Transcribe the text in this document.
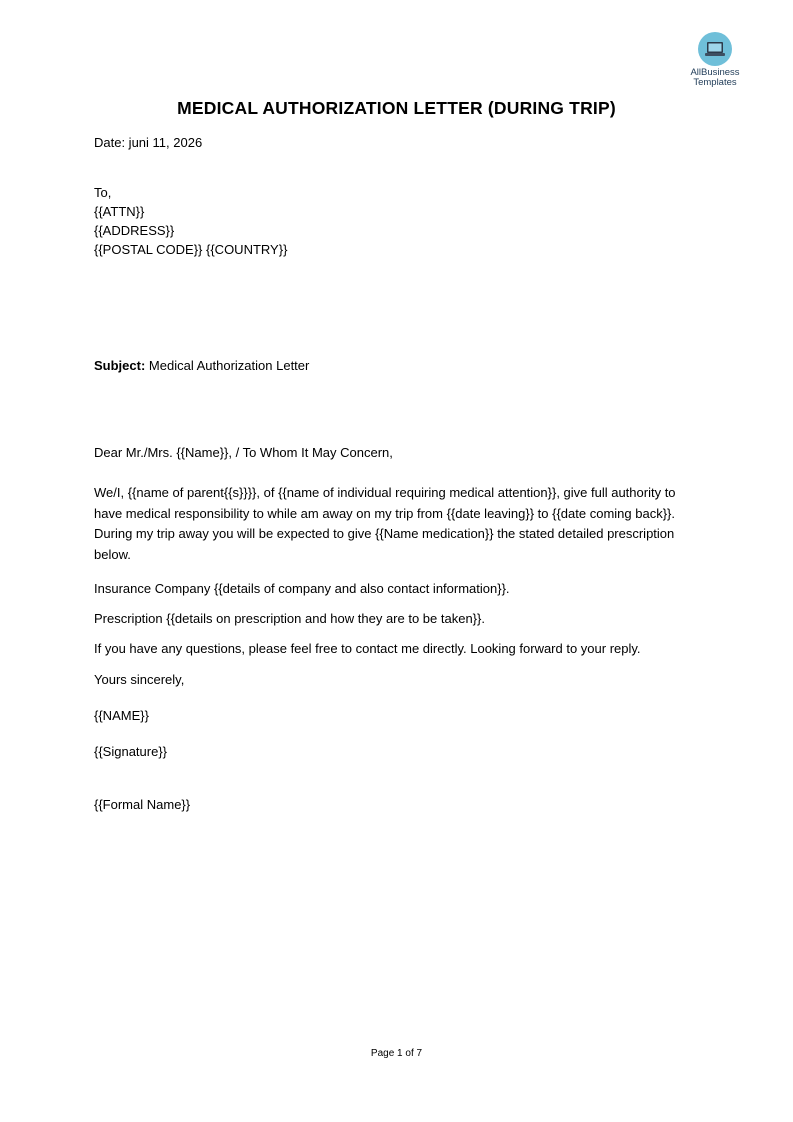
AllBusiness
Templates
MEDICAL AUTHORIZATION LETTER (DURING TRIP)
Date: juni 11, 2026
To,
{{ATTN}}
{{ADDRESS}}
{{POSTAL CODE}} {{COUNTRY}}
Subject: Medical Authorization Letter
Dear Mr./Mrs. {{Name}}, / To Whom It May Concern,
We/I, {{name of parent{{s}}}}, of {{name of individual requiring medical attention}}, give full authority to have medical responsibility to while am away on my trip from {{date leaving}} to {{date coming back}}. During my trip away you will be expected to give {{Name medication}} the stated detailed prescription below.
Insurance Company {{details of company and also contact information}}.
Prescription {{details on prescription and how they are to be taken}}.
If you have any questions, please feel free to contact me directly. Looking forward to your reply.
Yours sincerely,
{{NAME}}
{{Signature}}
{{Formal Name}}
Page 1 of 7
